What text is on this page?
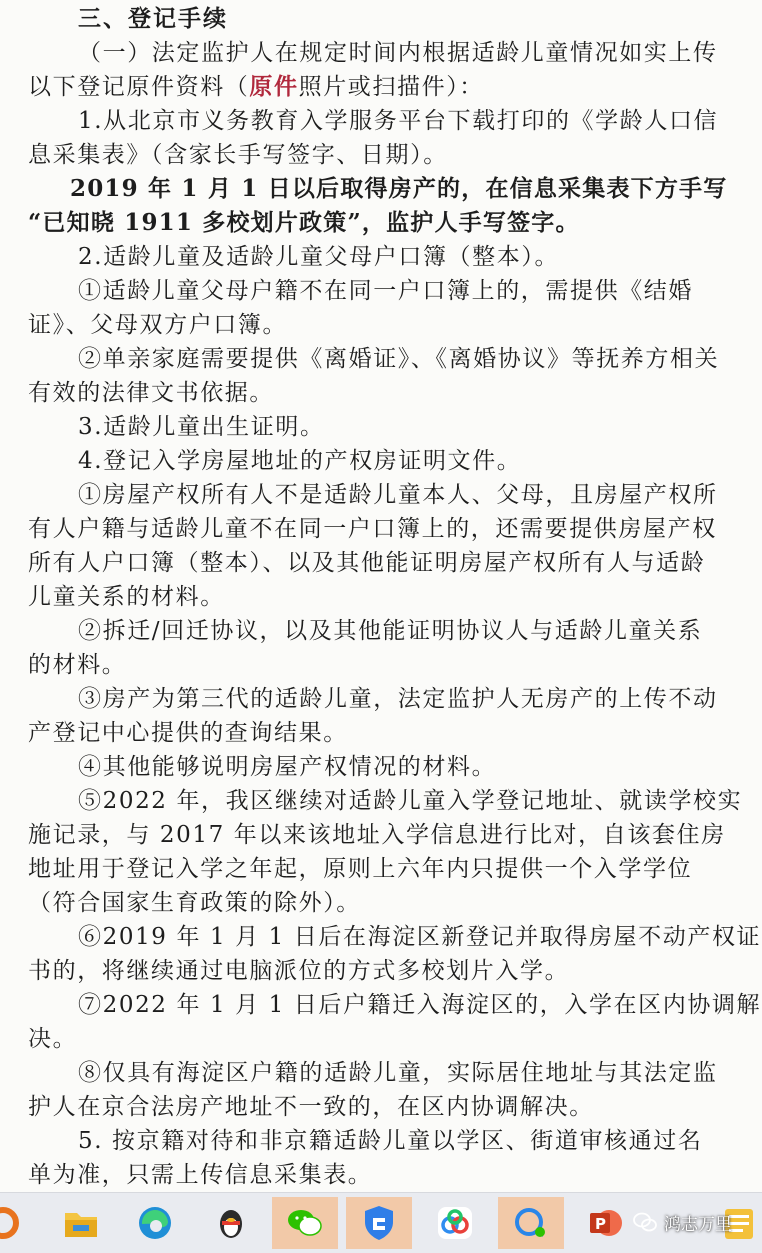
三、登记手续
（一）法定监护人在规定时间内根据适龄儿童情况如实上传
以下登记原件资料（原件照片或扫描件）：
1.从北京市义务教育入学服务平台下载打印的《学龄人口信
息采集表》（含家长手写签字、日期）。
2019 年 1 月 1 日以后取得房产的，在信息采集表下方手写
“已知晓 1911 多校划片政策”，监护人手写签字。
2.适龄儿童及适龄儿童父母户口簿（整本）。
①适龄儿童父母户籍不在同一户口簿上的，需提供《结婚
证》、父母双方户口簿。
②单亲家庭需要提供《离婚证》、《离婚协议》等抚养方相关
有效的法律文书依据。
3.适龄儿童出生证明。
4.登记入学房屋地址的产权房证明文件。
①房屋产权所有人不是适龄儿童本人、父母，且房屋产权所
有人户籍与适龄儿童不在同一户口簿上的，还需要提供房屋产权
所有人户口簿（整本）、以及其他能证明房屋产权所有人与适龄
儿童关系的材料。
②拆迁/回迁协议，以及其他能证明协议人与适龄儿童关系
的材料。
③房产为第三代的适龄儿童，法定监护人无房产的上传不动
产登记中心提供的查询结果。
④其他能够说明房屋产权情况的材料。
⑤2022 年，我区继续对适龄儿童入学登记地址、就读学校实
施记录，与 2017 年以来该地址入学信息进行比对，自该套住房
地址用于登记入学之年起，原则上六年内只提供一个入学学位
（符合国家生育政策的除外）。
⑥2019 年 1 月 1 日后在海淀区新登记并取得房屋不动产权证
书的，将继续通过电脑派位的方式多校划片入学。
⑦2022 年 1 月 1 日后户籍迁入海淀区的，入学在区内协调解
决。
⑧仅具有海淀区户籍的适龄儿童，实际居住地址与其法定监
护人在京合法房产地址不一致的，在区内协调解决。
5. 按京籍对待和非京籍适龄儿童以学区、街道审核通过名
单为准，只需上传信息采集表。
P	鸿志万里
